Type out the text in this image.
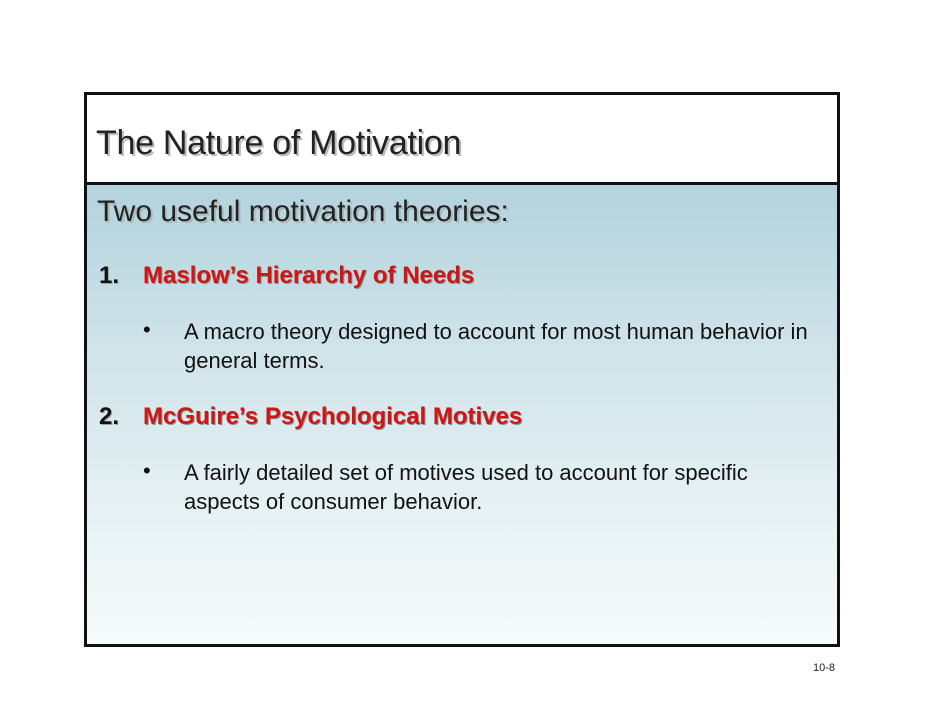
The Nature of Motivation

Two useful motivation theories:

1. Maslow’s Hierarchy of Needs
• A macro theory designed to account for most human behavior in general terms.

2. McGuire’s Psychological Motives
• A fairly detailed set of motives used to account for specific aspects of consumer behavior.

10-8
